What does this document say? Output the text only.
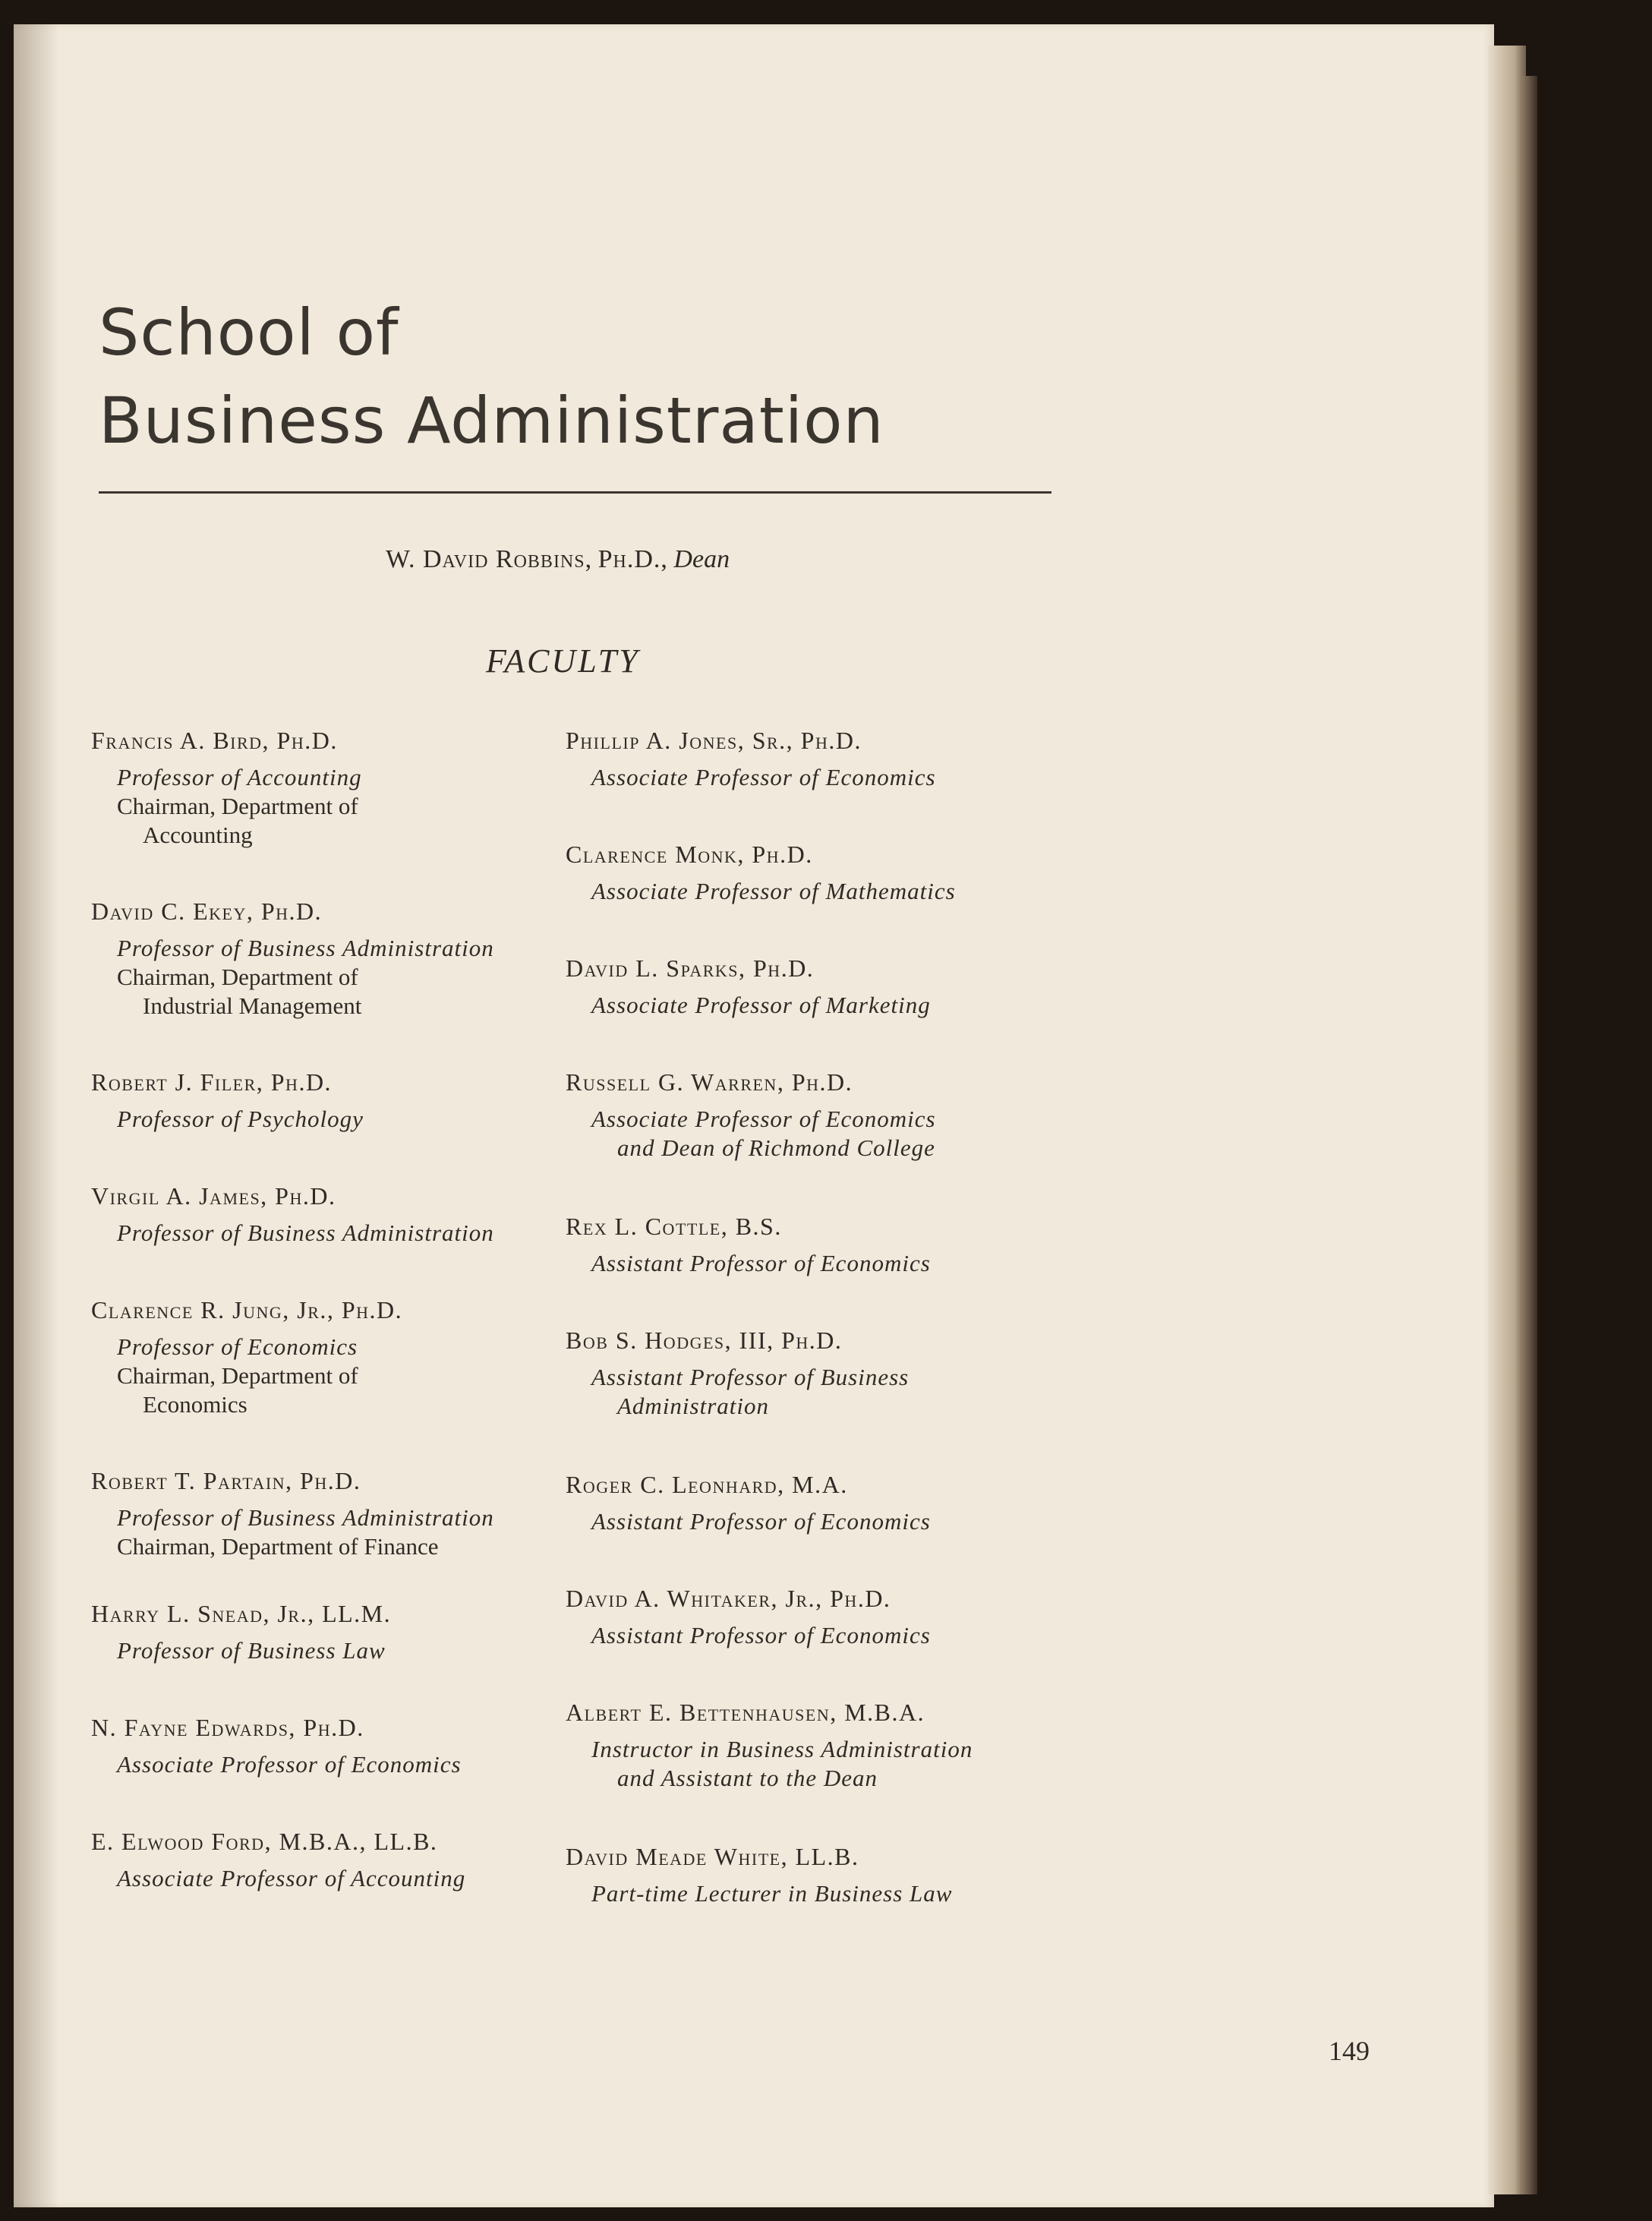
School of
Business Administration
W. David Robbins, Ph.D., Dean
FACULTY
Francis A. Bird, Ph.D.
Professor of Accounting
Chairman, Department of
Accounting
David C. Ekey, Ph.D.
Professor of Business Administration
Chairman, Department of
Industrial Management
Robert J. Filer, Ph.D.
Professor of Psychology
Virgil A. James, Ph.D.
Professor of Business Administration
Clarence R. Jung, Jr., Ph.D.
Professor of Economics
Chairman, Department of
Economics
Robert T. Partain, Ph.D.
Professor of Business Administration
Chairman, Department of Finance
Harry L. Snead, Jr., LL.M.
Professor of Business Law
N. Fayne Edwards, Ph.D.
Associate Professor of Economics
E. Elwood Ford, M.B.A., LL.B.
Associate Professor of Accounting
Phillip A. Jones, Sr., Ph.D.
Associate Professor of Economics
Clarence Monk, Ph.D.
Associate Professor of Mathematics
David L. Sparks, Ph.D.
Associate Professor of Marketing
Russell G. Warren, Ph.D.
Associate Professor of Economics
and Dean of Richmond College
Rex L. Cottle, B.S.
Assistant Professor of Economics
Bob S. Hodges, III, Ph.D.
Assistant Professor of Business
Administration
Roger C. Leonhard, M.A.
Assistant Professor of Economics
David A. Whitaker, Jr., Ph.D.
Assistant Professor of Economics
Albert E. Bettenhausen, M.B.A.
Instructor in Business Administration
and Assistant to the Dean
David Meade White, LL.B.
Part-time Lecturer in Business Law
149
